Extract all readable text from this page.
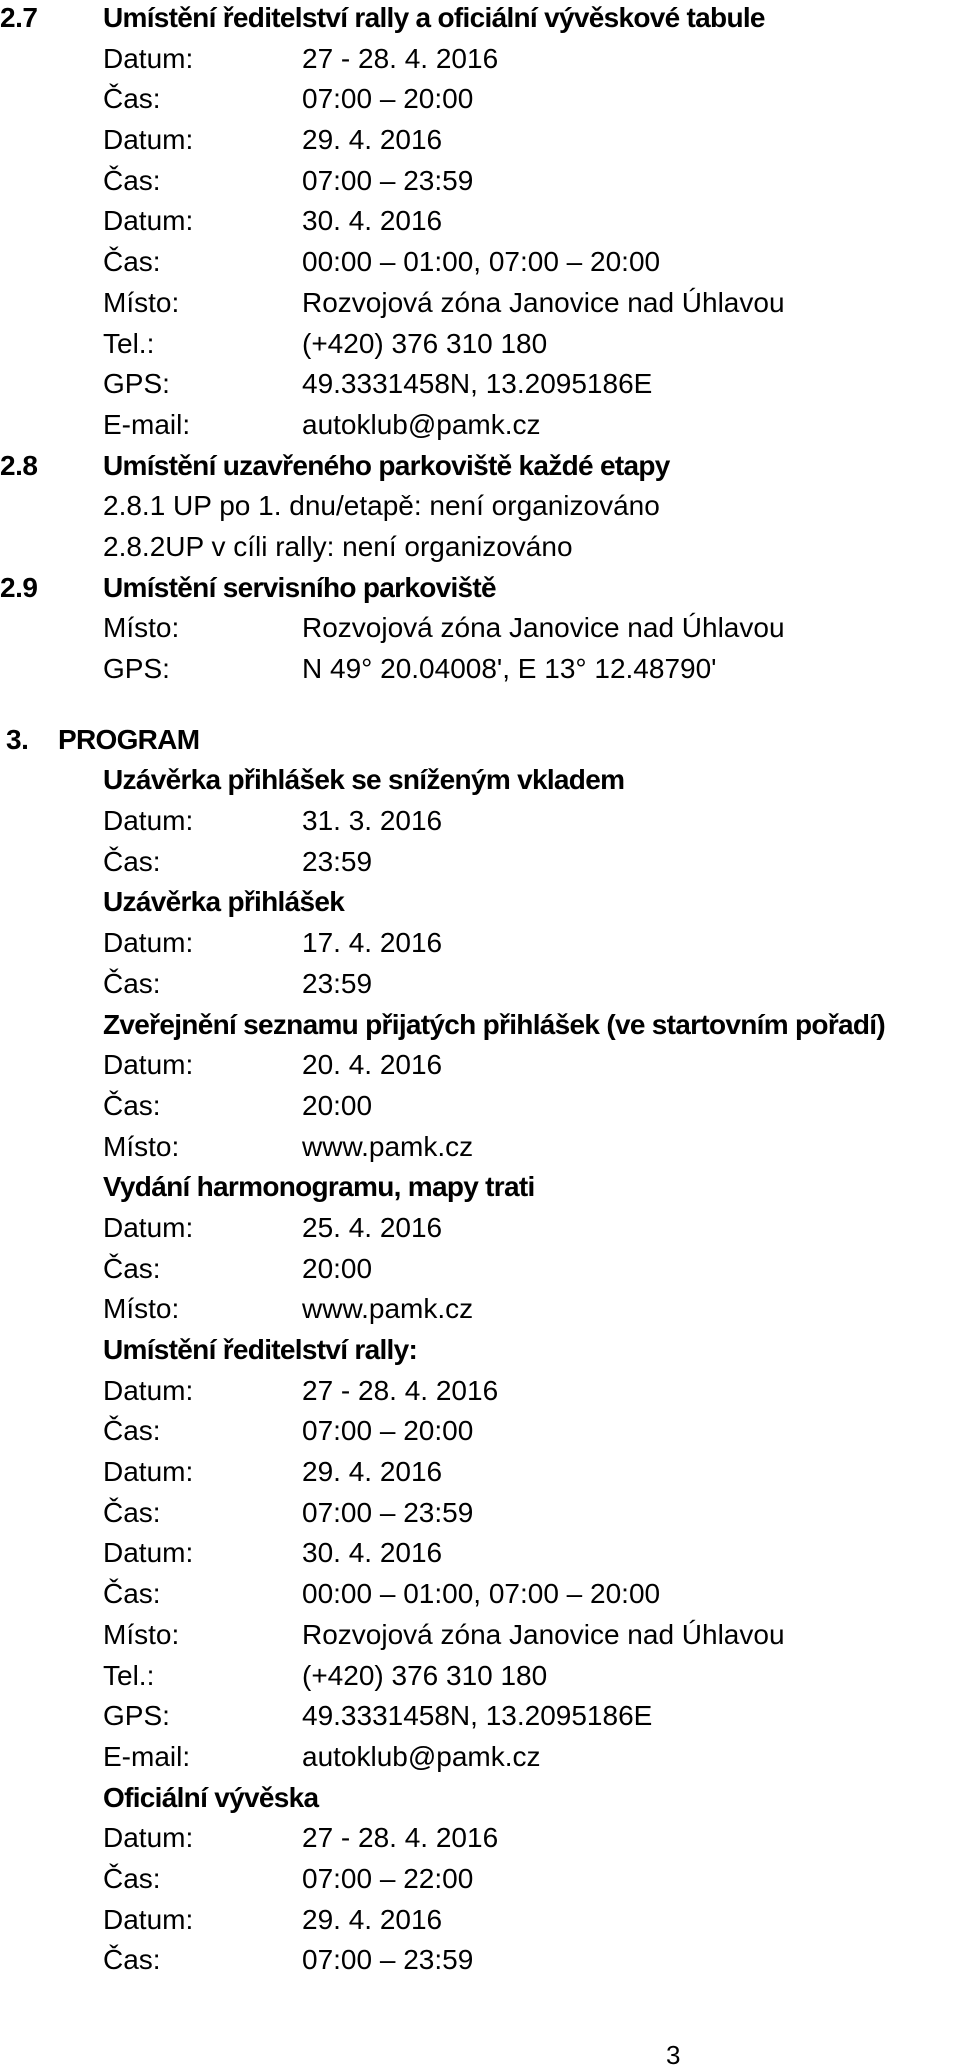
2.7 Umístění ředitelství rally a oficiální vývěskové tabule
Datum:	27 - 28. 4. 2016
Čas:	07:00 – 20:00
Datum:	29. 4. 2016
Čas:	07:00 – 23:59
Datum:	30. 4. 2016
Čas:	00:00 – 01:00, 07:00 – 20:00
Místo:	Rozvojová zóna Janovice nad Úhlavou
Tel.:	(+420) 376 310 180
GPS:	49.3331458N, 13.2095186E
E-mail:	autoklub@pamk.cz
2.8 Umístění uzavřeného parkoviště každé etapy
2.8.1 UP po 1. dnu/etapě: není organizováno
2.8.2UP v cíli rally: není organizováno
2.9 Umístění servisního parkoviště
Místo:	Rozvojová zóna Janovice nad Úhlavou
GPS:	N 49° 20.04008', E 13° 12.48790'
3. PROGRAM
Uzávěrka přihlášek se sníženým vkladem
Datum:	31. 3. 2016
Čas:	23:59
Uzávěrka přihlášek
Datum:	17. 4. 2016
Čas:	23:59
Zveřejnění seznamu přijatých přihlášek (ve startovním pořadí)
Datum:	20. 4. 2016
Čas:	20:00
Místo:	www.pamk.cz
Vydání harmonogramu, mapy trati
Datum:	25. 4. 2016
Čas:	20:00
Místo:	www.pamk.cz
Umístění ředitelství rally:
Datum:	27 - 28. 4. 2016
Čas:	07:00 – 20:00
Datum:	29. 4. 2016
Čas:	07:00 – 23:59
Datum:	30. 4. 2016
Čas:	00:00 – 01:00, 07:00 – 20:00
Místo:	Rozvojová zóna Janovice nad Úhlavou
Tel.:	(+420) 376 310 180
GPS:	49.3331458N, 13.2095186E
E-mail:	autoklub@pamk.cz
Oficiální vývěska
Datum:	27 - 28. 4. 2016
Čas:	07:00 – 22:00
Datum:	29. 4. 2016
Čas:	07:00 – 23:59
3
